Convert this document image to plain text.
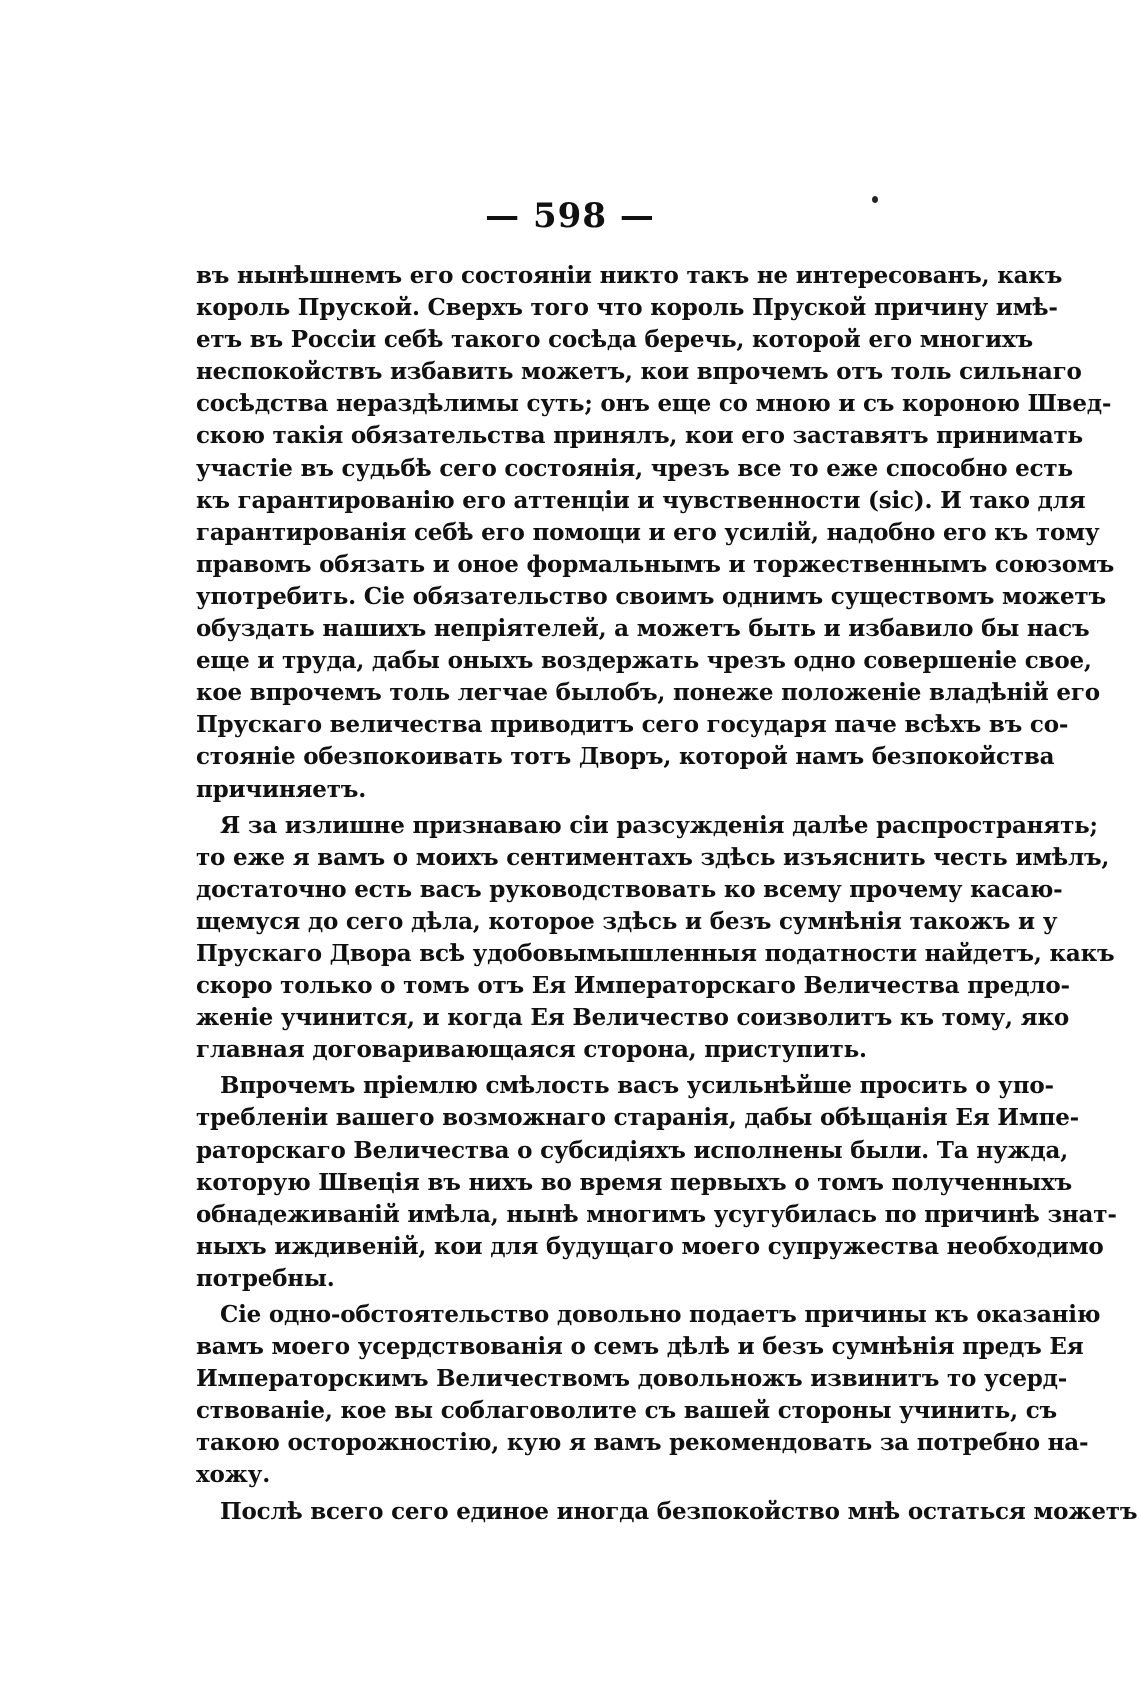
— 598 —

въ нынѣшнемъ его состоянiи никто такъ не интересованъ, какъ
король Пруской. Сверхъ того что король Пруской причину имѣ-
етъ въ Россiи себѣ такого сосѣда беречь, которой его многихъ
неспокойствъ избавить можетъ, кои впрочемъ отъ толь сильнаго
сосѣдства нераздѣлимы суть; онъ еще со мною и съ короною Швед-
скою такiя обязательства принялъ, кои его заставятъ принимать
участiе въ судьбѣ сего состоянiя, чрезъ все то еже способно есть
къ гарантированiю его аттенцiи и чувственности (sic). И тако для
гарантированiя себѣ его помощи и его усилiй, надобно его къ тому
правомъ обязать и оное формальнымъ и торжественнымъ союзомъ
употребить. Сiе обязательство своимъ однимъ существомъ можетъ
обуздать нашихъ непрiятелей, а можетъ быть и избавило бы насъ
еще и труда, дабы оныхъ воздержать чрезъ одно совершенiе свое,
кое впрочемъ толь легчае былобъ, понеже положенiе владѣнiй его
Прускаго величества приводитъ сего государя паче всѣхъ въ со-
стоянiе обезпокоивать тотъ Дворъ, которой намъ безпокойства
причиняетъ.

Я за излишне признаваю сiи разсужденiя далѣе распространять;
то еже я вамъ о моихъ сентиментахъ здѣсь изъяснить честь имѣлъ,
достаточно есть васъ руководствовать ко всему прочему касаю-
щемуся до сего дѣла, которое здѣсь и безъ сумнѣнiя такожъ и у
Прускаго Двора всѣ удобовымышленныя податности найдетъ, какъ
скоро только о томъ отъ Ея Императорскаго Величества предло-
женiе учинится, и когда Ея Величество соизволитъ къ тому, яко
главная договаривающаяся сторона, приступить.

Впрочемъ прiемлю смѣлость васъ усильнѣйше просить о упо-
требленiи вашего возможнаго старанiя, дабы обѣщанiя Ея Импе-
раторскаго Величества о субсидiяхъ исполнены были. Та нужда,
которую Швецiя въ нихъ во время первыхъ о томъ полученныхъ
обнадеживанiй имѣла, нынѣ многимъ усугубилась по причинѣ знат-
ныхъ иждивенiй, кои для будущаго моего супружества необходимо
потребны.

Сiе одно-обстоятельство довольно подаетъ причины къ оказанiю
вамъ моего усердствованiя о семъ дѣлѣ и безъ сумнѣнiя предъ Ея
Императорскимъ Величествомъ довольножъ извинитъ то усерд-
ствованiе, кое вы соблаговолите съ вашей стороны учинить, съ
такою осторожностiю, кую я вамъ рекомендовать за потребно на-
хожу.

Послѣ всего сего единое иногда безпокойство мнѣ остаться можетъ
